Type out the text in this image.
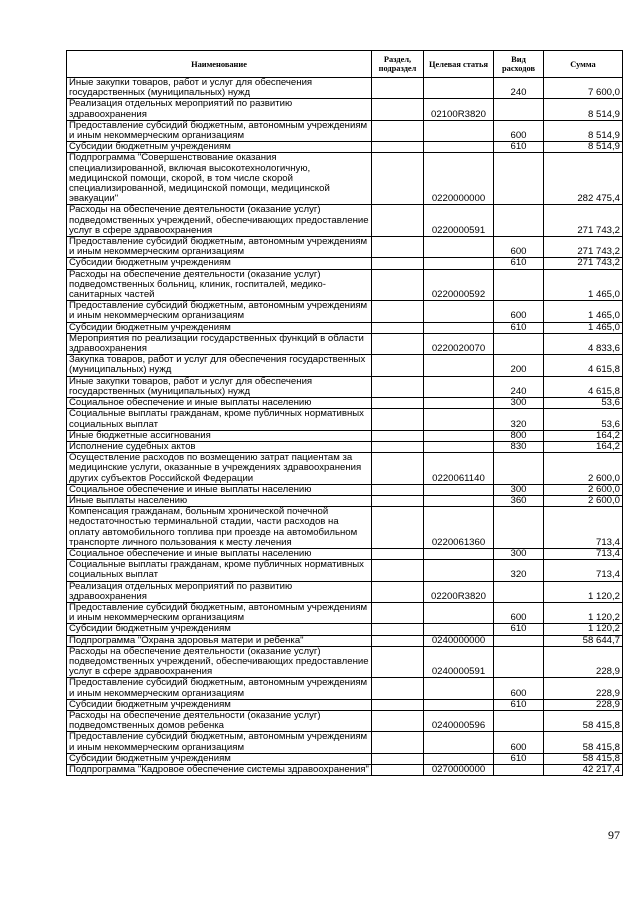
Наименование	Раздел, подраздел	Целевая статья	Вид расходов	Сумма
Иные закупки товаров, работ и услуг для обеспечения государственных (муниципальных) нужд			240	7 600,0
Реализация отдельных мероприятий по развитию здравоохранения		02100R3820		8 514,9
Предоставление субсидий бюджетным, автономным учреждениям и иным некоммерческим организациям			600	8 514,9
Субсидии бюджетным учреждениям			610	8 514,9
Подпрограмма "Совершенствование оказания специализированной, включая высокотехнологичную, медицинской помощи, скорой, в том числе скорой специализированной, медицинской помощи, медицинской эвакуации"		0220000000		282 475,4
Расходы на обеспечение деятельности (оказание услуг) подведомственных учреждений, обеспечивающих предоставление услуг в сфере здравоохранения		0220000591		271 743,2
Предоставление субсидий бюджетным, автономным учреждениям и иным некоммерческим организациям			600	271 743,2
Субсидии бюджетным учреждениям			610	271 743,2
Расходы на обеспечение деятельности (оказание услуг) подведомственных больниц, клиник, госпиталей, медико-санитарных частей		0220000592		1 465,0
Предоставление субсидий бюджетным, автономным учреждениям и иным некоммерческим организациям			600	1 465,0
Субсидии бюджетным учреждениям			610	1 465,0
Мероприятия по реализации государственных функций в области здравоохранения		0220020070		4 833,6
Закупка товаров, работ и услуг для обеспечения государственных (муниципальных) нужд			200	4 615,8
Иные закупки товаров, работ и услуг для обеспечения государственных (муниципальных) нужд			240	4 615,8
Социальное обеспечение и иные выплаты населению			300	53,6
Социальные выплаты гражданам, кроме публичных нормативных социальных выплат			320	53,6
Иные бюджетные ассигнования			800	164,2
Исполнение судебных актов			830	164,2
Осуществление расходов по возмещению затрат пациентам за медицинские услуги, оказанные в учреждениях здравоохранения других субъектов Российской Федерации		0220061140		2 600,0
Социальное обеспечение и иные выплаты населению			300	2 600,0
Иные выплаты населению			360	2 600,0
Компенсация гражданам, больным хронической почечной недостаточностью терминальной стадии, части расходов на оплату автомобильного топлива при проезде на автомобильном транспорте личного пользования к месту лечения		0220061360		713,4
Социальное обеспечение и иные выплаты населению			300	713,4
Социальные выплаты гражданам, кроме публичных нормативных социальных выплат			320	713,4
Реализация отдельных мероприятий по развитию здравоохранения		02200R3820		1 120,2
Предоставление субсидий бюджетным, автономным учреждениям и иным некоммерческим организациям			600	1 120,2
Субсидии бюджетным учреждениям			610	1 120,2
Подпрограмма "Охрана здоровья матери и ребенка"		0240000000		58 644,7
Расходы на обеспечение деятельности (оказание услуг) подведомственных учреждений, обеспечивающих предоставление услуг в сфере здравоохранения		0240000591		228,9
Предоставление субсидий бюджетным, автономным учреждениям и иным некоммерческим организациям			600	228,9
Субсидии бюджетным учреждениям			610	228,9
Расходы на обеспечение деятельности (оказание услуг) подведомственных домов ребенка		0240000596		58 415,8
Предоставление субсидий бюджетным, автономным учреждениям и иным некоммерческим организациям			600	58 415,8
Субсидии бюджетным учреждениям			610	58 415,8
Подпрограмма "Кадровое обеспечение системы здравоохранения"		0270000000		42 217,4
97
